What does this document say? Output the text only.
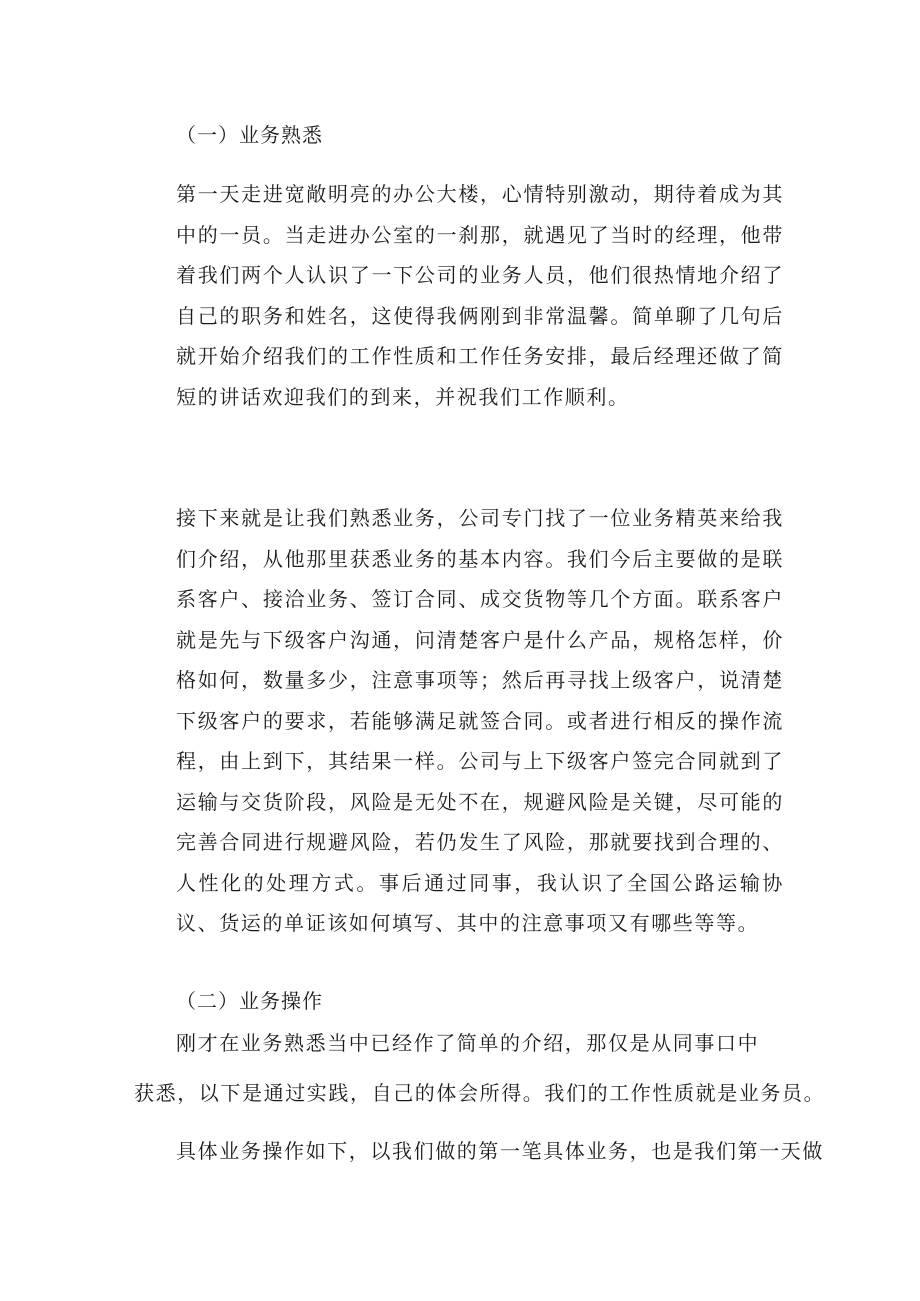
（一）业务熟悉

第一天走进宽敞明亮的办公大楼，心情特别激动，期待着成为其中的一员。当走进办公室的一刹那，就遇见了当时的经理，他带着我们两个人认识了一下公司的业务人员，他们很热情地介绍了自己的职务和姓名，这使得我俩刚到非常温馨。简单聊了几句后就开始介绍我们的工作性质和工作任务安排，最后经理还做了简短的讲话欢迎我们的到来，并祝我们工作顺利。

接下来就是让我们熟悉业务，公司专门找了一位业务精英来给我们介绍，从他那里获悉业务的基本内容。我们今后主要做的是联系客户、接洽业务、签订合同、成交货物等几个方面。联系客户就是先与下级客户沟通，问清楚客户是什么产品，规格怎样，价格如何，数量多少，注意事项等；然后再寻找上级客户，说清楚下级客户的要求，若能够满足就签合同。或者进行相反的操作流程，由上到下，其结果一样。公司与上下级客户签完合同就到了运输与交货阶段，风险是无处不在，规避风险是关键，尽可能的完善合同进行规避风险，若仍发生了风险，那就要找到合理的、人性化的处理方式。事后通过同事，我认识了全国公路运输协议、货运的单证该如何填写、其中的注意事项又有哪些等等。

（二）业务操作
刚才在业务熟悉当中已经作了简单的介绍，那仅是从同事口中
获悉，以下是通过实践，自己的体会所得。我们的工作性质就是业务员。
具体业务操作如下，以我们做的第一笔具体业务，也是我们第一天做
